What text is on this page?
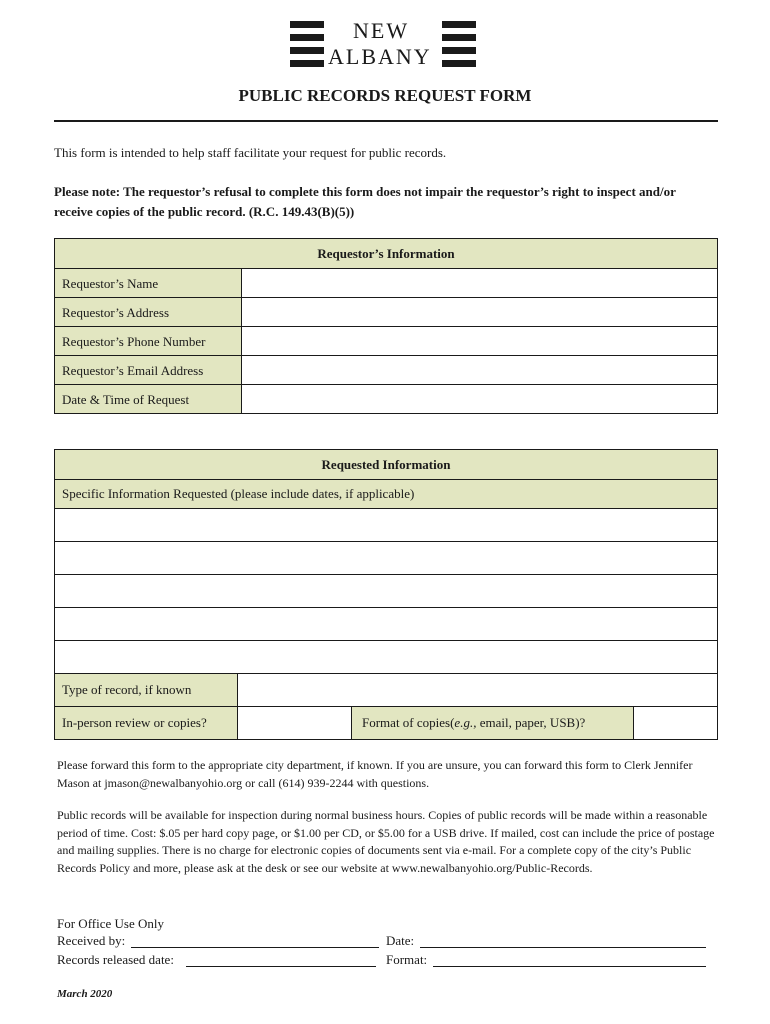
NEW
ALBANY
PUBLIC RECORDS REQUEST FORM
This form is intended to help staff facilitate your request for public records.
Please note: The requestor’s refusal to complete this form does not impair the requestor’s right to inspect and/or receive copies of the public record. (R.C. 149.43(B)(5))
Requestor’s Information
Requestor’s Name
Requestor’s Address
Requestor’s Phone Number
Requestor’s Email Address
Date & Time of Request
Requested Information
Specific Information Requested (please include dates, if applicable)
Type of record, if known
In-person review or copies?	Format of copies(e.g., email, paper, USB)?
Please forward this form to the appropriate city department, if known. If you are unsure, you can forward this form to Clerk Jennifer Mason at jmason@newalbanyohio.org or call (614) 939-2244 with questions.
Public records will be available for inspection during normal business hours. Copies of public records will be made within a reasonable period of time. Cost: $.05 per hard copy page, or $1.00 per CD, or $5.00 for a USB drive. If mailed, cost can include the price of postage and mailing supplies. There is no charge for electronic copies of documents sent via e-mail. For a complete copy of the city’s Public Records Policy and more, please ask at the desk or see our website at www.newalbanyohio.org/Public-Records.
For Office Use Only
Received by:	Date:
Records released date:	Format:
March 2020
